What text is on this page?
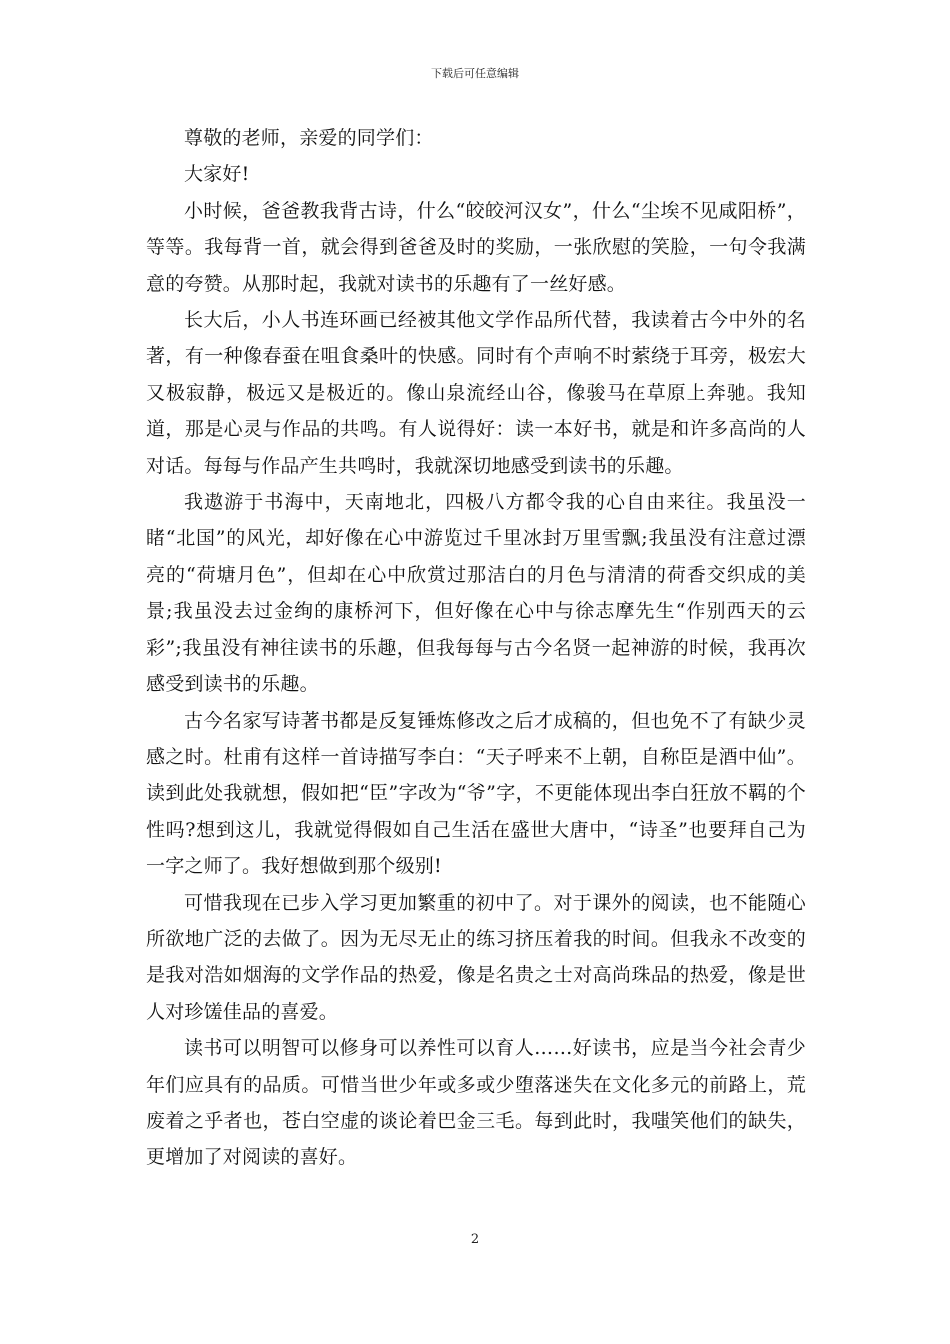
下载后可任意编辑

尊敬的老师，亲爱的同学们：

大家好!

小时候，爸爸教我背古诗，什么“皎皎河汉女”，什么“尘埃不见咸阳桥”，等等。我每背一首，就会得到爸爸及时的奖励，一张欣慰的笑脸，一句令我满意的夸赞。从那时起，我就对读书的乐趣有了一丝好感。

长大后，小人书连环画已经被其他文学作品所代替，我读着古今中外的名著，有一种像春蚕在咀食桑叶的快感。同时有个声响不时萦绕于耳旁，极宏大又极寂静，极远又是极近的。像山泉流经山谷，像骏马在草原上奔驰。我知道，那是心灵与作品的共鸣。有人说得好：读一本好书，就是和许多高尚的人对话。每每与作品产生共鸣时，我就深切地感受到读书的乐趣。

我遨游于书海中，天南地北，四极八方都令我的心自由来往。我虽没一睹“北国”的风光，却好像在心中游览过千里冰封万里雪飘;我虽没有注意过漂亮的“荷塘月色”，但却在心中欣赏过那洁白的月色与清清的荷香交织成的美景;我虽没去过金绚的康桥河下，但好像在心中与徐志摩先生“作别西天的云彩”;我虽没有神往读书的乐趣，但我每每与古今名贤一起神游的时候，我再次感受到读书的乐趣。

古今名家写诗著书都是反复锤炼修改之后才成稿的，但也免不了有缺少灵感之时。杜甫有这样一首诗描写李白：“天子呼来不上朝，自称臣是酒中仙”。读到此处我就想，假如把“臣”字改为“爷”字，不更能体现出李白狂放不羁的个性吗?想到这儿，我就觉得假如自己生活在盛世大唐中，“诗圣”也要拜自己为一字之师了。我好想做到那个级别!

可惜我现在已步入学习更加繁重的初中了。对于课外的阅读，也不能随心所欲地广泛的去做了。因为无尽无止的练习挤压着我的时间。但我永不改变的是我对浩如烟海的文学作品的热爱，像是名贵之士对高尚珠品的热爱，像是世人对珍馐佳品的喜爱。

读书可以明智可以修身可以养性可以育人……好读书，应是当今社会青少年们应具有的品质。可惜当世少年或多或少堕落迷失在文化多元的前路上，荒废着之乎者也，苍白空虚的谈论着巴金三毛。每到此时，我嗤笑他们的缺失，更增加了对阅读的喜好。

2
